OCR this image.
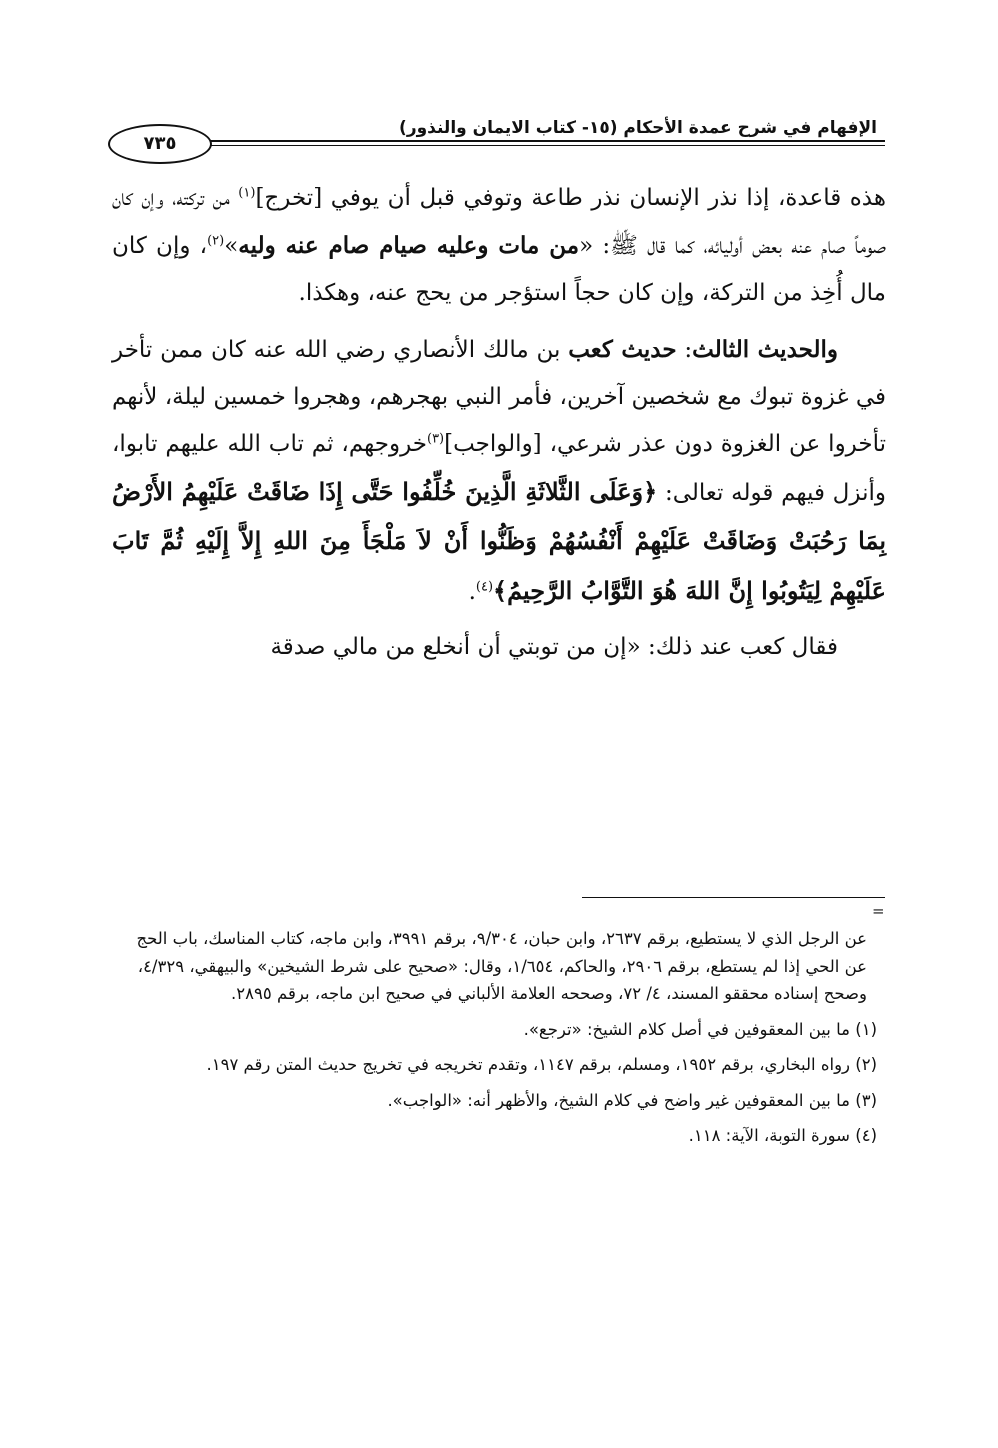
الإفهام في شرح عمدة الأحكام (١٥- كتاب الايمان والنذور)
٧٣٥

هذه قاعدة، إذا نذر الإنسان نذر طاعة وتوفي قبل أن يوفي [تخرج]$^{(١)}$ من تركته، وإن كان صوماً صام عنه بعض أوليائه، كما قال ﷺ: «من مات وعليه صيام صام عنه وليه»$^{(٢)}$، وإن كان مال أُخِذ من التركة، وإن كان حجاً استؤجر من يحج عنه، وهكذا.

والحديث الثالث: حديث كعب بن مالك الأنصاري رضي الله عنه كان ممن تأخر في غزوة تبوك مع شخصين آخرين، فأمر النبي بهجرهم، وهجروا خمسين ليلة، لأنهم تأخروا عن الغزوة دون عذر شرعي، [والواجب]$^{(٣)}$خروجهم، ثم تاب الله عليهم تابوا، وأنزل فيهم قوله تعالى: ﴿وَعَلَى الثَّلاثَةِ الَّذِينَ خُلِّفُوا حَتَّى إِذَا ضَاقَتْ عَلَيْهِمُ الأَرْضُ بِمَا رَحُبَتْ وَضَاقَتْ عَلَيْهِمْ أَنْفُسُهُمْ وَظَنُّوا أَنْ لاَ مَلْجَأَ مِنَ اللهِ إِلاَّ إِلَيْهِ ثُمَّ تَابَ عَلَيْهِمْ لِيَتُوبُوا إِنَّ اللهَ هُوَ التَّوَّابُ الرَّحِيمُ﴾$^{(٤)}$.

فقال كعب عند ذلك: «إن من توبتي أن أنخلع من مالي صدقة

=

عن الرجل الذي لا يستطيع، برقم ٢٦٣٧، وابن حبان، ٩/٣٠٤، برقم ٣٩٩١، وابن ماجه، كتاب المناسك، باب الحج عن الحي إذا لم يستطع، برقم ٢٩٠٦، والحاكم، ١/٦٥٤، وقال: «صحيح على شرط الشيخين» والبيهقي، ٤/٣٢٩، وصحح إسناده محققو المسند، ٤/ ٧٢، وصححه العلامة الألباني في صحيح ابن ماجه، برقم ٢٨٩٥.

(١) ما بين المعقوفين في أصل كلام الشيخ: «ترجع».

(٢) رواه البخاري، برقم ١٩٥٢، ومسلم، برقم ١١٤٧، وتقدم تخريجه في تخريج حديث المتن رقم ١٩٧.

(٣) ما بين المعقوفين غير واضح في كلام الشيخ، والأظهر أنه: «الواجب».

(٤) سورة التوبة، الآية: ١١٨.
